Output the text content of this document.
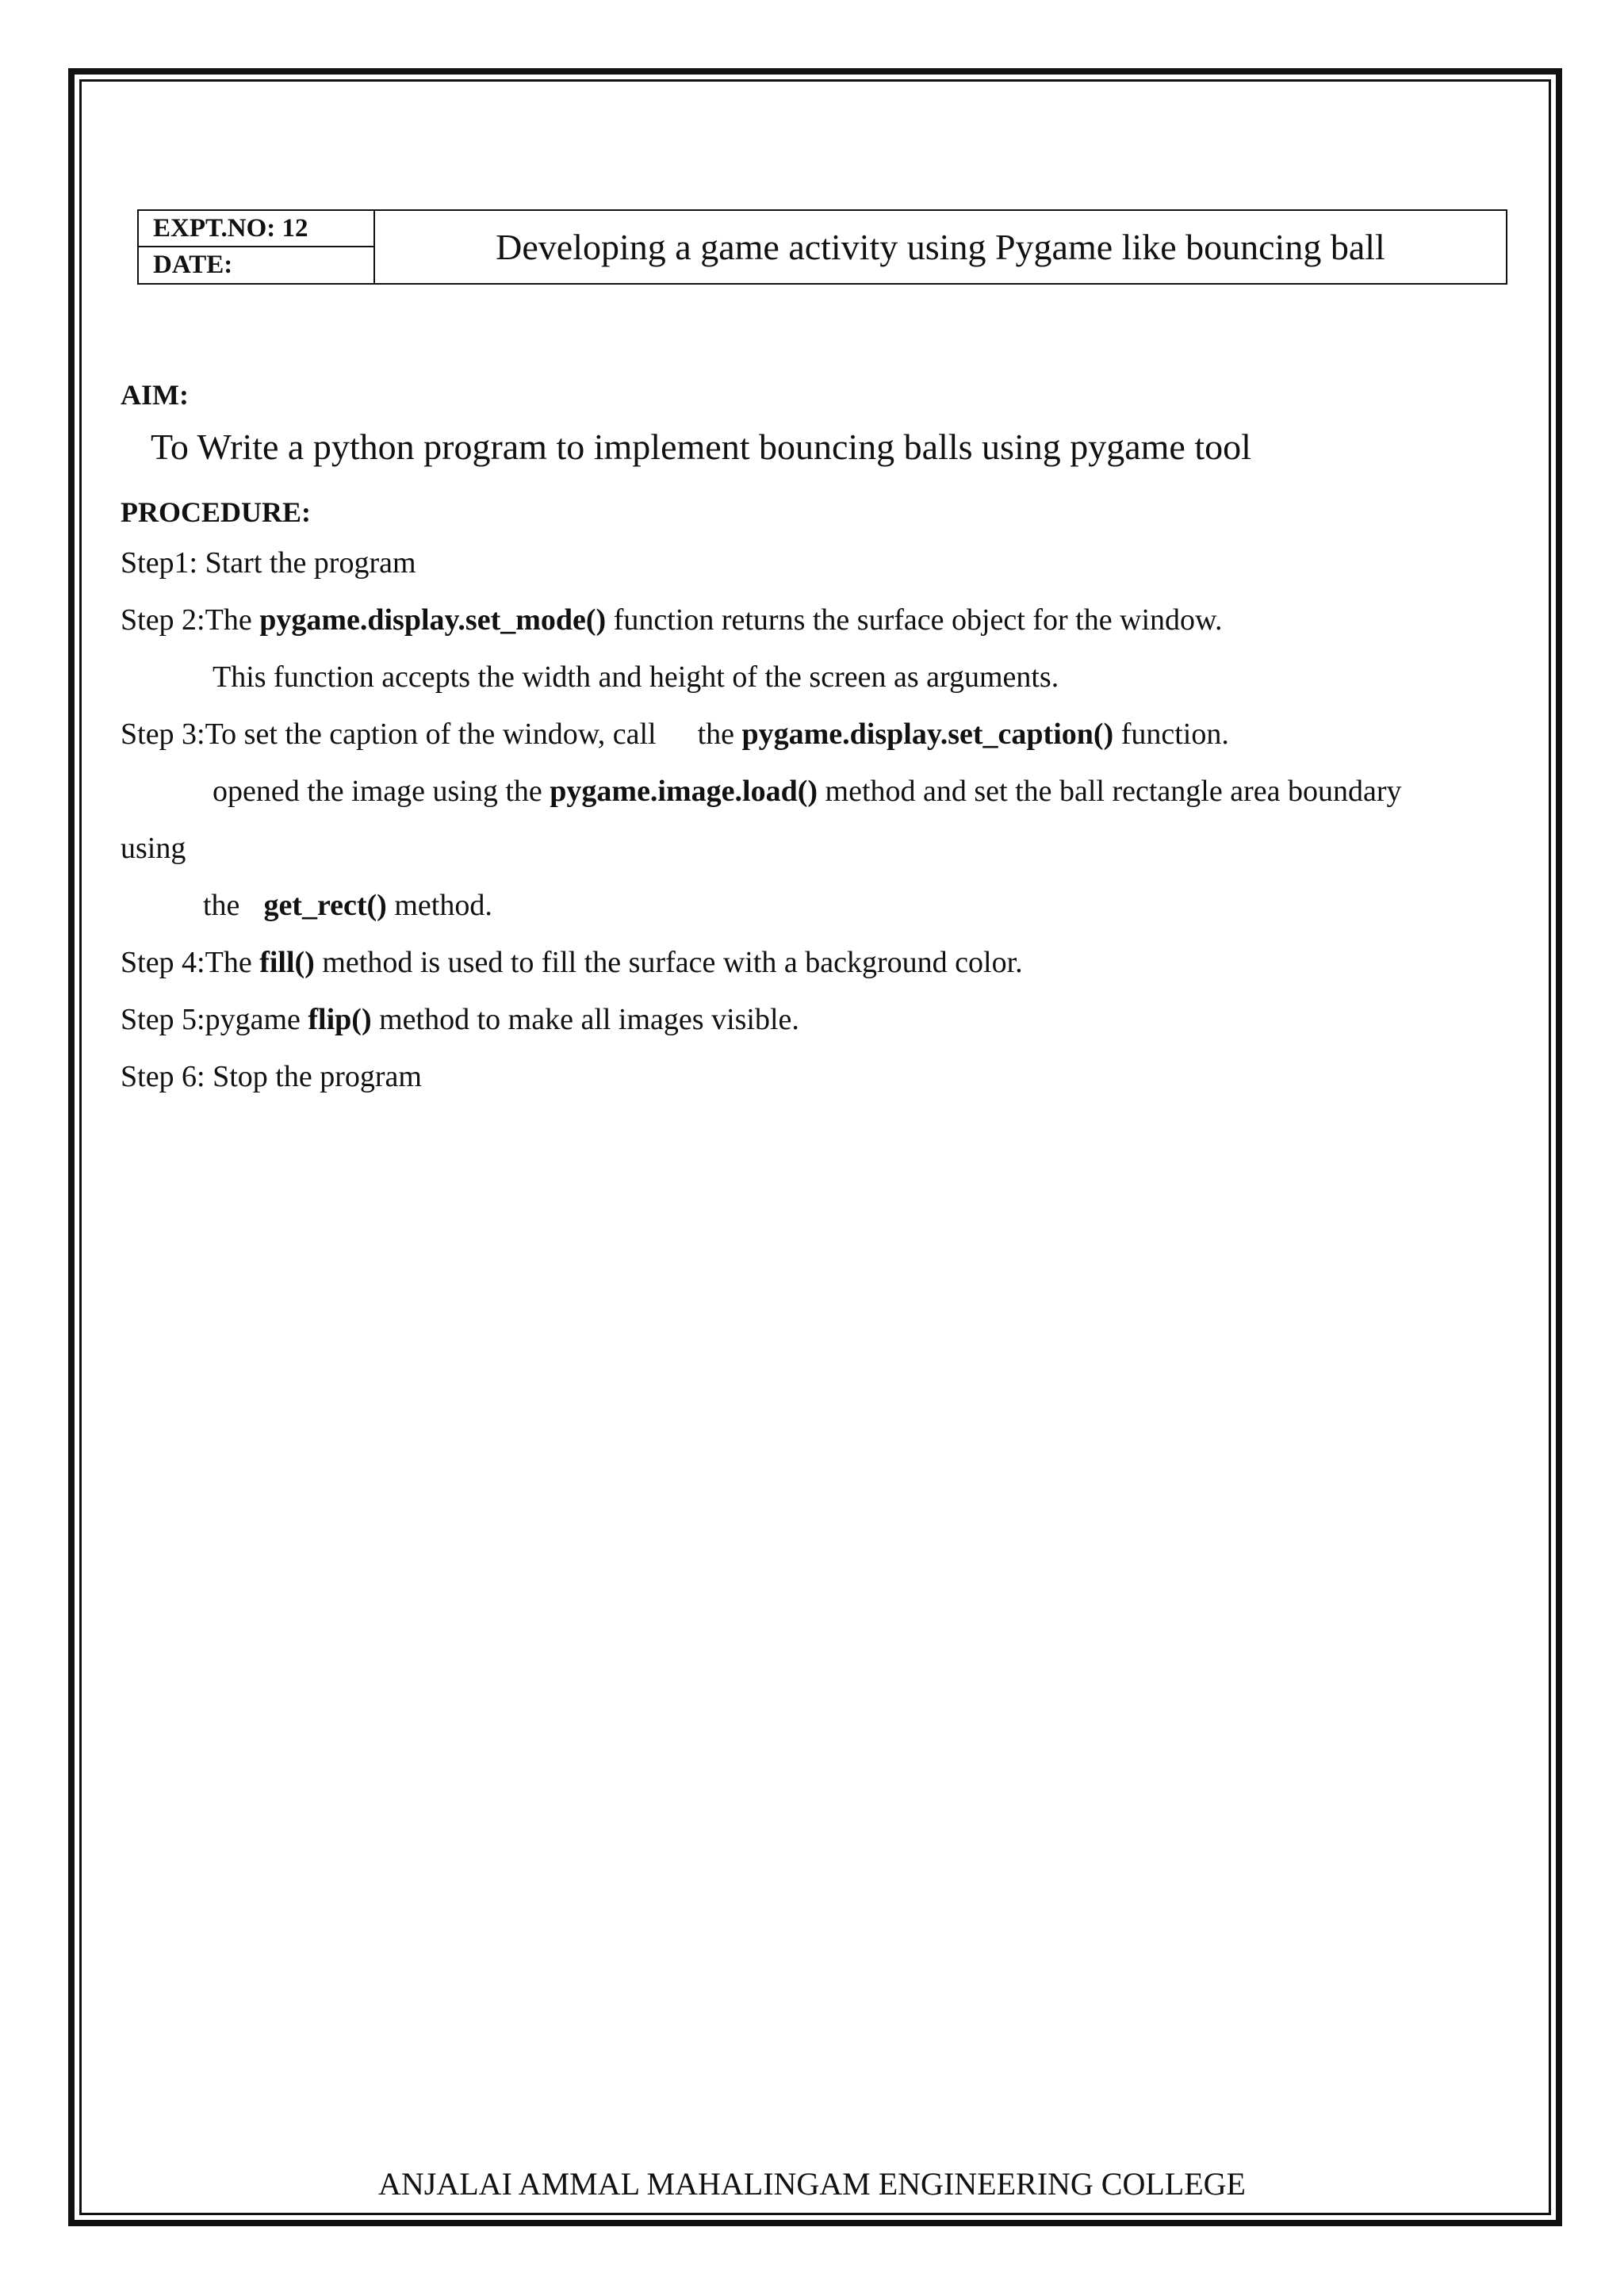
EXPT.NO: 12
DATE:	Developing a game activity using Pygame like bouncing ball
AIM:
To Write a python program to implement bouncing balls using pygame tool
PROCEDURE:
Step1: Start the program
Step 2:The pygame.display.set_mode() function returns the surface object for the window.
This function accepts the width and height of the screen as arguments.
Step 3:To set the caption of the window, call the pygame.display.set_caption() function.
opened the image using the pygame.image.load() method and set the ball rectangle area boundary
using
the get_rect() method.
Step 4:The fill() method is used to fill the surface with a background color.
Step 5:pygame flip() method to make all images visible.
Step 6: Stop the program
ANJALAI AMMAL MAHALINGAM ENGINEERING COLLEGE
